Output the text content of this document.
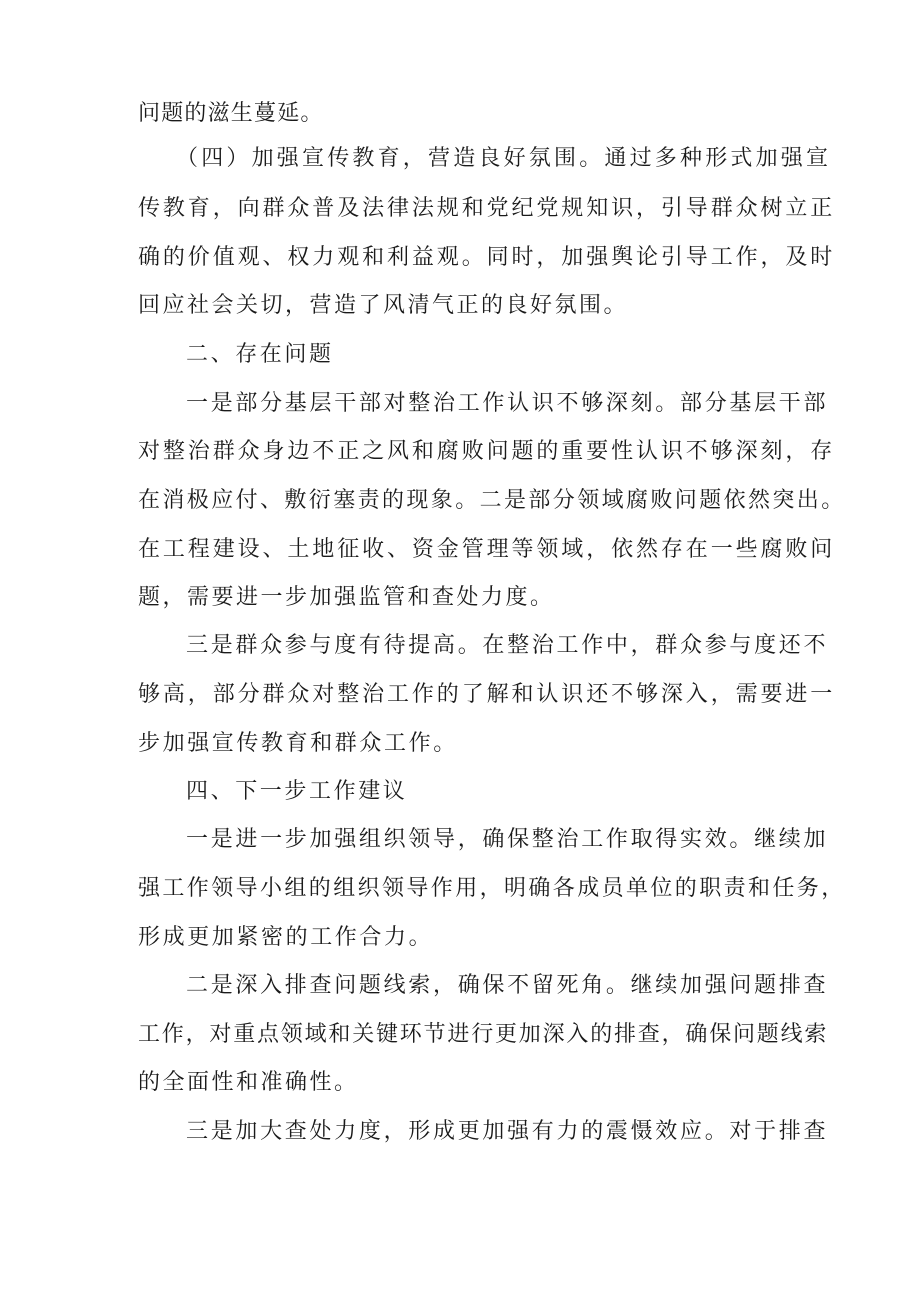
问题的滋生蔓延。
（四）加强宣传教育，营造良好氛围。通过多种形式加强宣
传教育，向群众普及法律法规和党纪党规知识，引导群众树立正
确的价值观、权力观和利益观。同时，加强舆论引导工作，及时
回应社会关切，营造了风清气正的良好氛围。
二、存在问题
一是部分基层干部对整治工作认识不够深刻。部分基层干部
对整治群众身边不正之风和腐败问题的重要性认识不够深刻，存
在消极应付、敷衍塞责的现象。二是部分领域腐败问题依然突出。
在工程建设、土地征收、资金管理等领域，依然存在一些腐败问
题，需要进一步加强监管和查处力度。
三是群众参与度有待提高。在整治工作中，群众参与度还不
够高，部分群众对整治工作的了解和认识还不够深入，需要进一
步加强宣传教育和群众工作。
四、下一步工作建议
一是进一步加强组织领导，确保整治工作取得实效。继续加
强工作领导小组的组织领导作用，明确各成员单位的职责和任务，
形成更加紧密的工作合力。
二是深入排查问题线索，确保不留死角。继续加强问题排查
工作，对重点领域和关键环节进行更加深入的排查，确保问题线索
的全面性和准确性。
三是加大查处力度，形成更加强有力的震慑效应。对于排查
